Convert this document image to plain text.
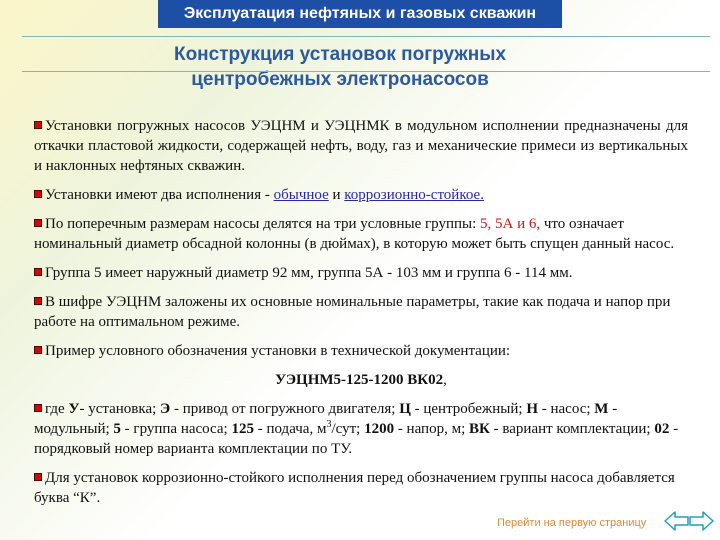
Эксплуатация нефтяных и газовых скважин
Конструкция установок погружных
центробежных электронасосов

Установки погружных насосов УЭЦНМ и УЭЦНМК в модульном исполнении предназначены для откачки пластовой жидкости, содержащей нефть, воду, газ и механические примеси из вертикальных и наклонных нефтяных скважин.

Установки имеют два исполнения - обычное и коррозионно-стойкое.

По поперечным размерам насосы делятся на три условные группы: 5, 5А и 6, что означает номинальный диаметр обсадной колонны (в дюймах), в которую может быть спущен данный насос.

Группа 5 имеет наружный диаметр 92 мм, группа 5А - 103 мм и группа 6 - 114 мм.

В шифре УЭЦНМ заложены их основные номинальные параметры, такие как подача и напор при работе на оптимальном режиме.

Пример условного обозначения установки в технической документации:

УЭЦНМ5-125-1200 ВК02,

где У- установка; Э - привод от погружного двигателя; Ц - центробежный; Н - насос; М - модульный; 5 - группа насоса; 125 - подача, $м^3$/сут; 1200 - напор, м; ВК - вариант комплектации; 02 - порядковый номер варианта комплектации по ТУ.

Для установок коррозионно-стойкого исполнения перед обозначением группы насоса добавляется буква “К”.

Перейти на первую страницу
